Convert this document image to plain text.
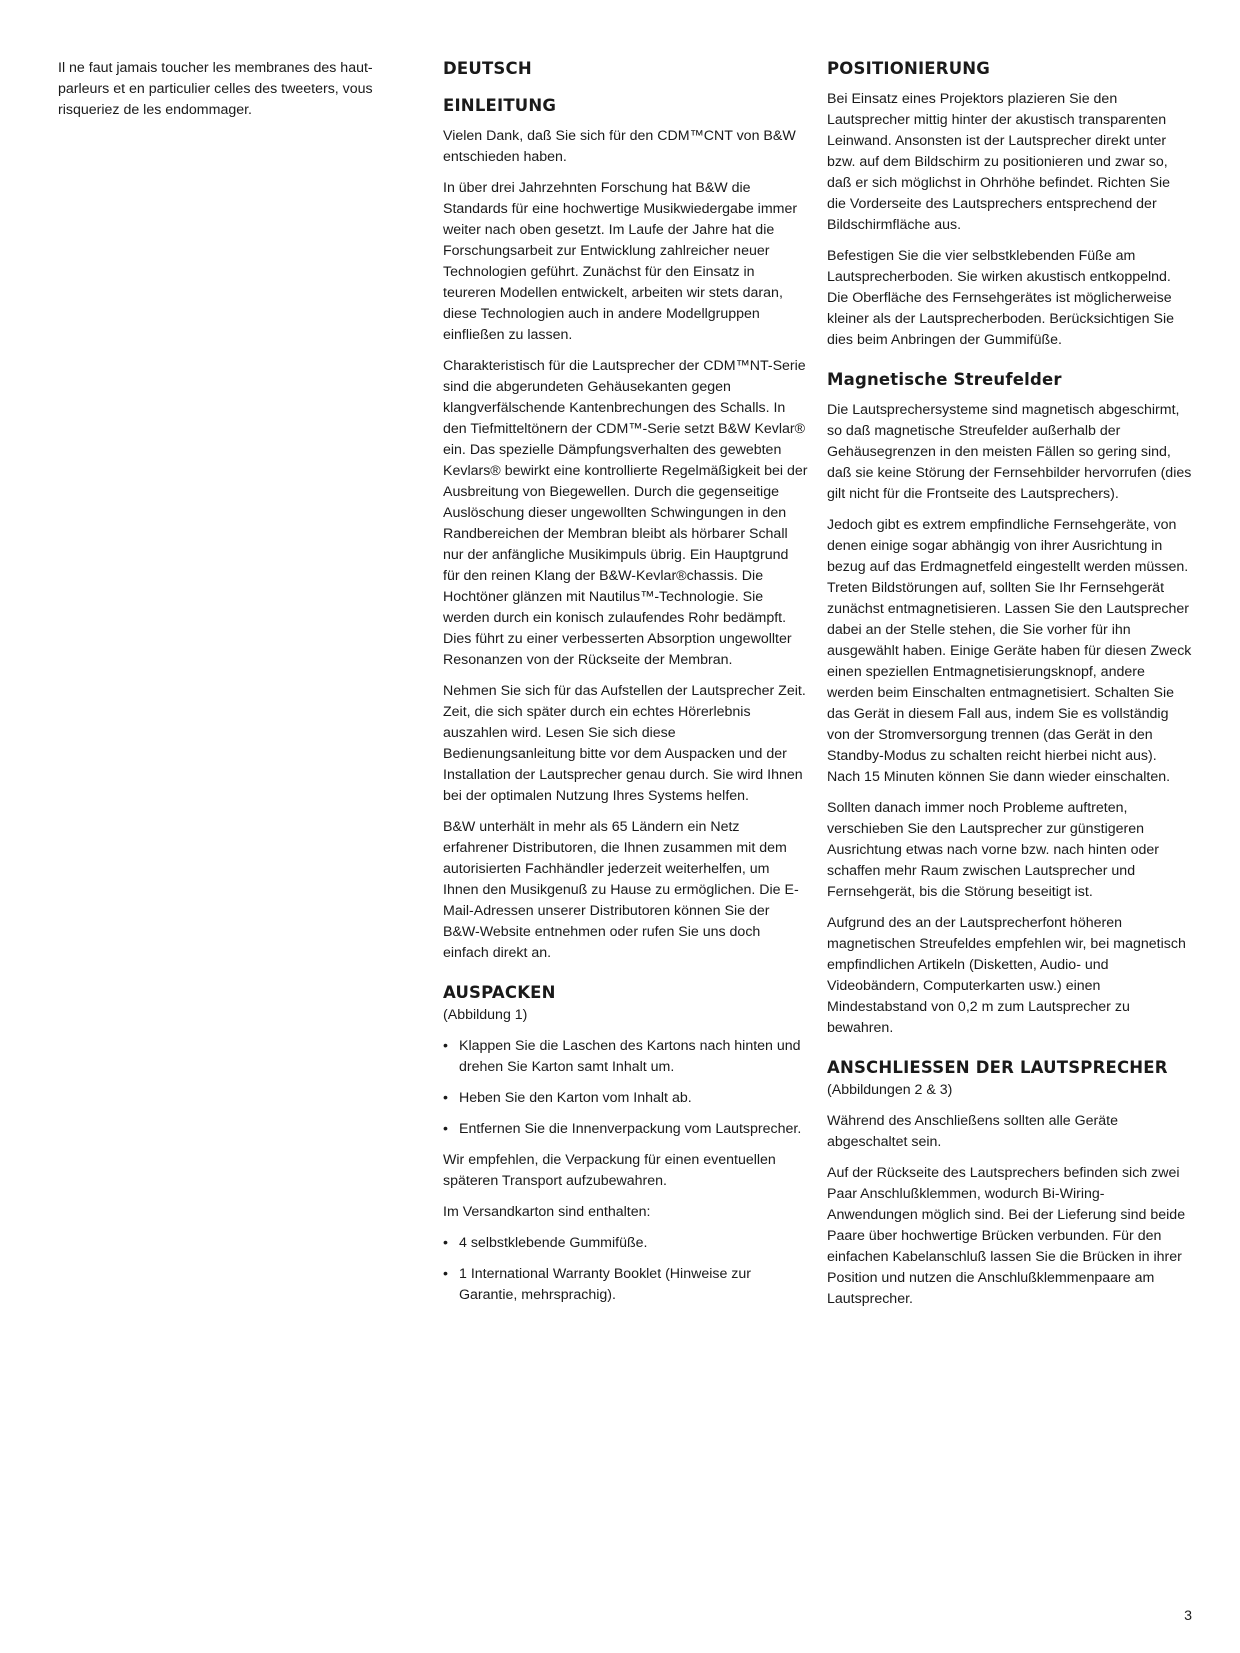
Il ne faut jamais toucher les membranes des haut-parleurs et en particulier celles des tweeters, vous risqueriez de les endommager.

DEUTSCH
EINLEITUNG

Vielen Dank, daß Sie sich für den CDM™CNT von B&W entschieden haben.

In über drei Jahrzehnten Forschung hat B&W die Standards für eine hochwertige Musikwiedergabe immer weiter nach oben gesetzt. Im Laufe der Jahre hat die Forschungsarbeit zur Entwicklung zahlreicher neuer Technologien geführt. Zunächst für den Einsatz in teureren Modellen entwickelt, arbeiten wir stets daran, diese Technologien auch in andere Modellgruppen einfließen zu lassen.

Charakteristisch für die Lautsprecher der CDM™NT-Serie sind die abgerundeten Gehäusekanten gegen klangverfälschende Kantenbrechungen des Schalls. In den Tiefmitteltönern der CDM™-Serie setzt B&W Kevlar® ein. Das spezielle Dämpfungsverhalten des gewebten Kevlars® bewirkt eine kontrollierte Regelmäßigkeit bei der Ausbreitung von Biegewellen. Durch die gegenseitige Auslöschung dieser ungewollten Schwingungen in den Randbereichen der Membran bleibt als hörbarer Schall nur der anfängliche Musikimpuls übrig. Ein Hauptgrund für den reinen Klang der B&W-Kevlar®chassis. Die Hochtöner glänzen mit Nautilus™-Technologie. Sie werden durch ein konisch zulaufendes Rohr bedämpft. Dies führt zu einer verbesserten Absorption ungewollter Resonanzen von der Rückseite der Membran.

Nehmen Sie sich für das Aufstellen der Lautsprecher Zeit. Zeit, die sich später durch ein echtes Hörerlebnis auszahlen wird. Lesen Sie sich diese Bedienungsanleitung bitte vor dem Auspacken und der Installation der Lautsprecher genau durch. Sie wird Ihnen bei der optimalen Nutzung Ihres Systems helfen.

B&W unterhält in mehr als 65 Ländern ein Netz erfahrener Distributoren, die Ihnen zusammen mit dem autorisierten Fachhändler jederzeit weiterhelfen, um Ihnen den Musikgenuß zu Hause zu ermöglichen. Die E-Mail-Adressen unserer Distributoren können Sie der B&W-Website entnehmen oder rufen Sie uns doch einfach direkt an.

AUSPACKEN
(Abbildung 1)
• Klappen Sie die Laschen des Kartons nach hinten und drehen Sie Karton samt Inhalt um.
• Heben Sie den Karton vom Inhalt ab.
• Entfernen Sie die Innenverpackung vom Lautsprecher.

Wir empfehlen, die Verpackung für einen eventuellen späteren Transport aufzubewahren.

Im Versandkarton sind enthalten:

• 4 selbstklebende Gummifüße.
• 1 International Warranty Booklet (Hinweise zur Garantie, mehrsprachig).
POSITIONIERUNG

Bei Einsatz eines Projektors plazieren Sie den Lautsprecher mittig hinter der akustisch transparenten Leinwand. Ansonsten ist der Lautsprecher direkt unter bzw. auf dem Bildschirm zu positionieren und zwar so, daß er sich möglichst in Ohrhöhe befindet. Richten Sie die Vorderseite des Lautsprechers entsprechend der Bildschirmfläche aus.

Befestigen Sie die vier selbstklebenden Füße am Lautsprecherboden. Sie wirken akustisch entkoppelnd. Die Oberfläche des Fernsehgerätes ist möglicherweise kleiner als der Lautsprecherboden. Berücksichtigen Sie dies beim Anbringen der Gummifüße.

Magnetische Streufelder

Die Lautsprechersysteme sind magnetisch abgeschirmt, so daß magnetische Streufelder außerhalb der Gehäusegrenzen in den meisten Fällen so gering sind, daß sie keine Störung der Fernsehbilder hervorrufen (dies gilt nicht für die Frontseite des Lautsprechers).

Jedoch gibt es extrem empfindliche Fernsehgeräte, von denen einige sogar abhängig von ihrer Ausrichtung in bezug auf das Erdmagnetfeld eingestellt werden müssen. Treten Bildstörungen auf, sollten Sie Ihr Fernsehgerät zunächst entmagnetisieren. Lassen Sie den Lautsprecher dabei an der Stelle stehen, die Sie vorher für ihn ausgewählt haben. Einige Geräte haben für diesen Zweck einen speziellen Entmagnetisierungsknopf, andere werden beim Einschalten entmagnetisiert. Schalten Sie das Gerät in diesem Fall aus, indem Sie es vollständig von der Stromversorgung trennen (das Gerät in den Standby-Modus zu schalten reicht hierbei nicht aus). Nach 15 Minuten können Sie dann wieder einschalten.

Sollten danach immer noch Probleme auftreten, verschieben Sie den Lautsprecher zur günstigeren Ausrichtung etwas nach vorne bzw. nach hinten oder schaffen mehr Raum zwischen Lautsprecher und Fernsehgerät, bis die Störung beseitigt ist.

Aufgrund des an der Lautsprecherfont höheren magnetischen Streufeldes empfehlen wir, bei magnetisch empfindlichen Artikeln (Disketten, Audio- und Videobändern, Computerkarten usw.) einen Mindestabstand von 0,2 m zum Lautsprecher zu bewahren.

ANSCHLIESSEN DER LAUTSPRECHER
(Abbildungen 2 & 3)

Während des Anschließens sollten alle Geräte abgeschaltet sein.

Auf der Rückseite des Lautsprechers befinden sich zwei Paar Anschlußklemmen, wodurch Bi-Wiring-Anwendungen möglich sind. Bei der Lieferung sind beide Paare über hochwertige Brücken verbunden. Für den einfachen Kabelanschluß lassen Sie die Brücken in ihrer Position und nutzen die Anschlußklemmenpaare am Lautsprecher.

3
